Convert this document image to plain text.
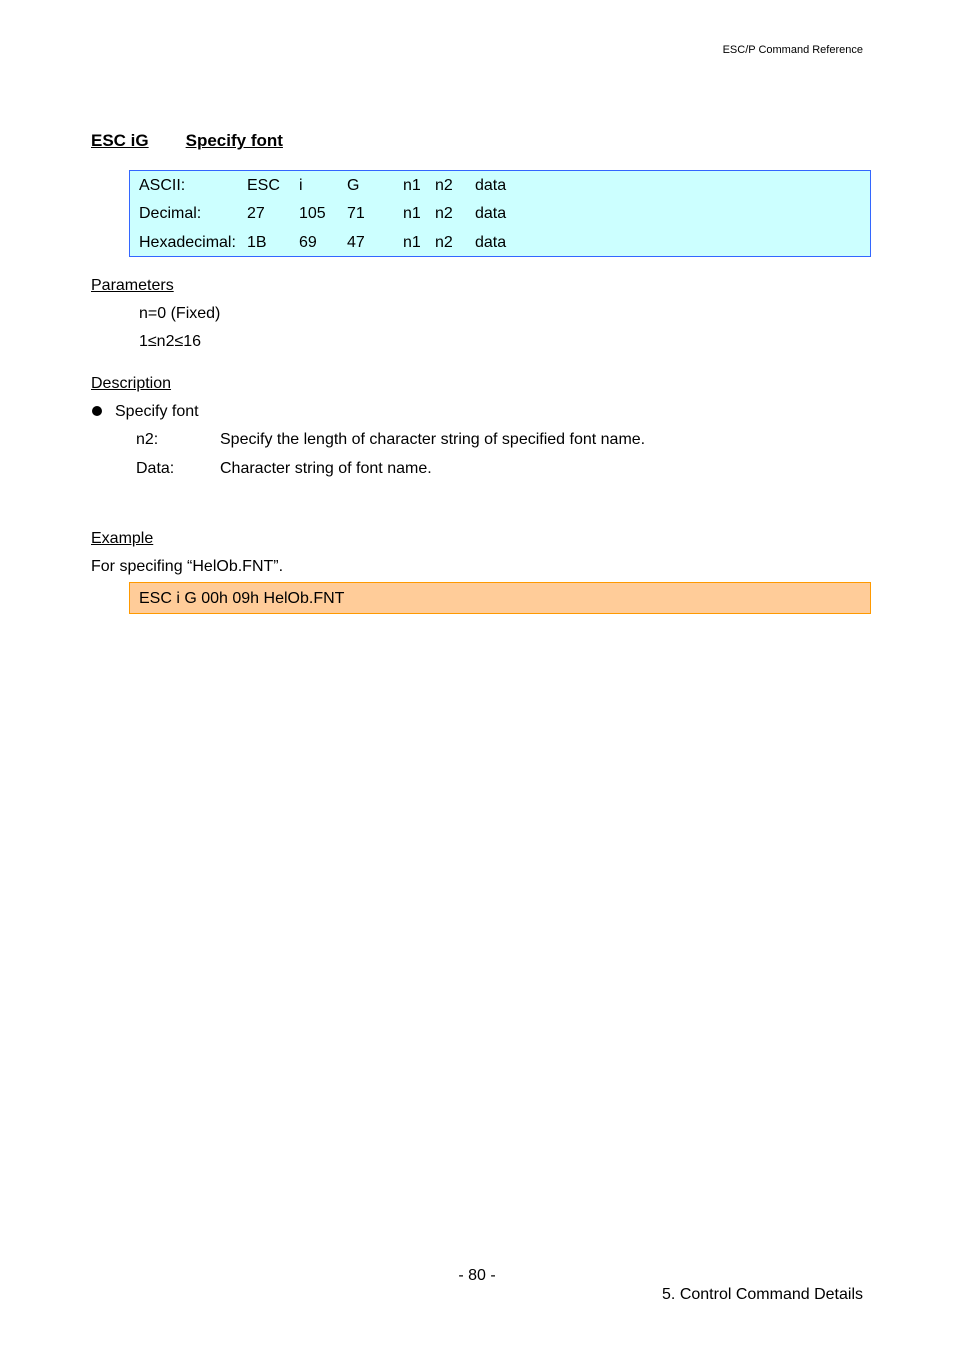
ESC/P Command Reference
ESC iG Specify font
ASCII:	ESC i	G	n1 n2 data
Decimal:	27 105 71 n1 n2 data
Hexadecimal: 1B 69 47 n1 n2 data
Parameters
n=0 (Fixed)
1≤n2≤16
Description
Specify font
n2:	Specify the length of character string of specified font name.
Data:	Character string of font name.
Example
For specifing “HelOb.FNT”.
ESC i G 00h 09h HelOb.FNT
- 80 -
5. Control Command Details
